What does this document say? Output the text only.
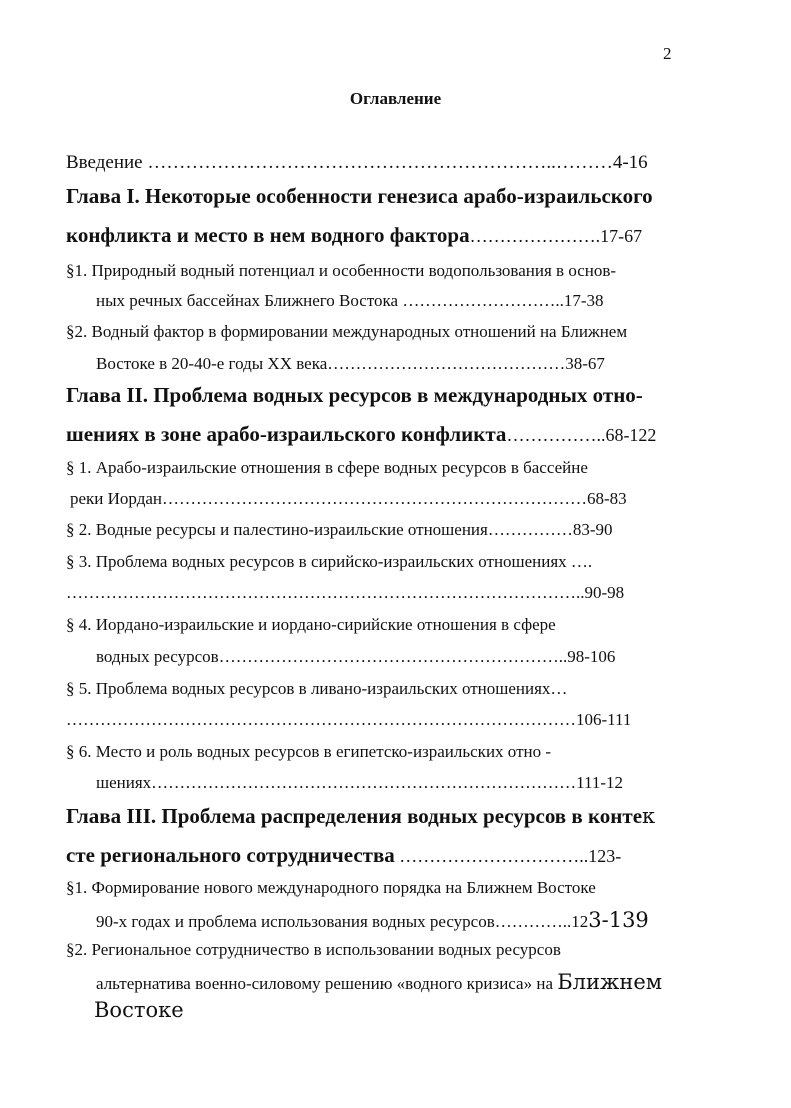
2
Оглавление
Введение ………………………………………………………..………4-16
Глава I. Некоторые особенности генезиса арабо-израильского
конфликта и место в нем водного фактора………………….17-67
§1. Природный водный потенциал и особенности водопользования в основ-
ных речных бассейнах Ближнего Востока ………………………..17-38
§2. Водный фактор в формировании международных отношений на Ближнем
Востоке в 20-40-е годы XX века……………………………………38-67
Глава II. Проблема водных ресурсов в международных отно-
шениях в зоне арабо-израильского конфликта……………..68-122
§ 1. Арабо-израильские отношения в сфере водных ресурсов в бассейне
реки Иордан…………………………………………………………………68-83
§ 2. Водные ресурсы и палестино-израильские отношения……………83-90
§ 3. Проблема водных ресурсов в сирийско-израильских отношениях ….
………………………………………………………………………………..90-98
§ 4. Иордано-израильские и иордано-сирийские отношения в сфере
водных ресурсов……………………………………………………..98-106
§ 5. Проблема водных ресурсов в ливано-израильских отношениях…
………………………………………………………………………………106-111
§ 6. Место и роль водных ресурсов в египетско-израильских отно -
шениях…………………………………………………………………111-12
Глава III. Проблема распределения водных ресурсов в контек
сте регионального сотрудничества …………………………..123-
§1. Формирование нового международного порядка на Ближнем Востоке
90-х годах и проблема использования водных ресурсов…………..123-139
§2. Региональное сотрудничество в использовании водных ресурсов
альтернатива военно-силовому решению «водного кризиса» на Ближнем
Востоке
